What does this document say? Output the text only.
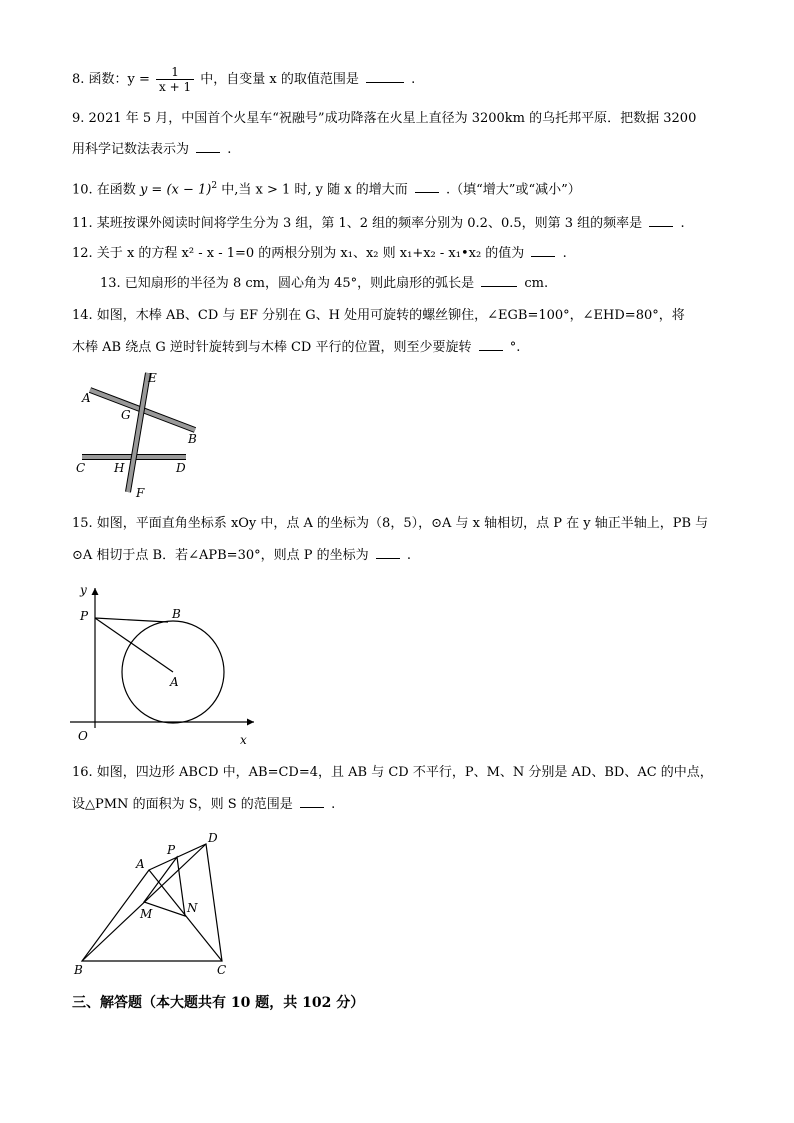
8. 函数：$y = \frac{1}{x + 1}$ 中，自变量 x 的取值范围是	.
9. 2021 年 5 月，中国首个火星车“祝融号”成功降落在火星上直径为 3200km 的乌托邦平原．把数据 3200
用科学记数法表示为	.
10. 在函数 $y = (x - 1)^2$ 中,当 x > 1 时, y 随 x 的增大而	.（填“增大”或“减小”）
11. 某班按课外阅读时间将学生分为 3 组，第 1、2 组的频率分别为 0.2、0.5，则第 3 组的频率是	.
12. 关于 x 的方程 x² - x - 1=0 的两根分别为 x₁、x₂ 则 x₁+x₂ - x₁•x₂ 的值为	.
13. 已知扇形的半径为 8 cm，圆心角为 45°，则此扇形的弧长是	cm.
14. 如图，木棒 AB、CD 与 EF 分别在 G、H 处用可旋转的螺丝铆住，∠EGB=100°，∠EHD=80°，将
木棒 AB 绕点 G 逆时针旋转到与木棒 CD 平行的位置，则至少要旋转	°.
A
B
C	D
E
F
G
H
15. 如图，平面直角坐标系 xOy 中，点 A 的坐标为（8，5），⊙A 与 x 轴相切，点 P 在 y 轴正半轴上，PB 与
⊙A 相切于点 B．若∠APB=30°，则点 P 的坐标为	.
y
P	B
A
O	x
16. 如图，四边形 ABCD 中，AB=CD=4，且 AB 与 CD 不平行，P、M、N 分别是 AD、BD、AC 的中点，
设△PMN 的面积为 S，则 S 的范围是	.
A
P
D
M	N
B	C
三、解答题（本大题共有 10 题，共 102 分）
